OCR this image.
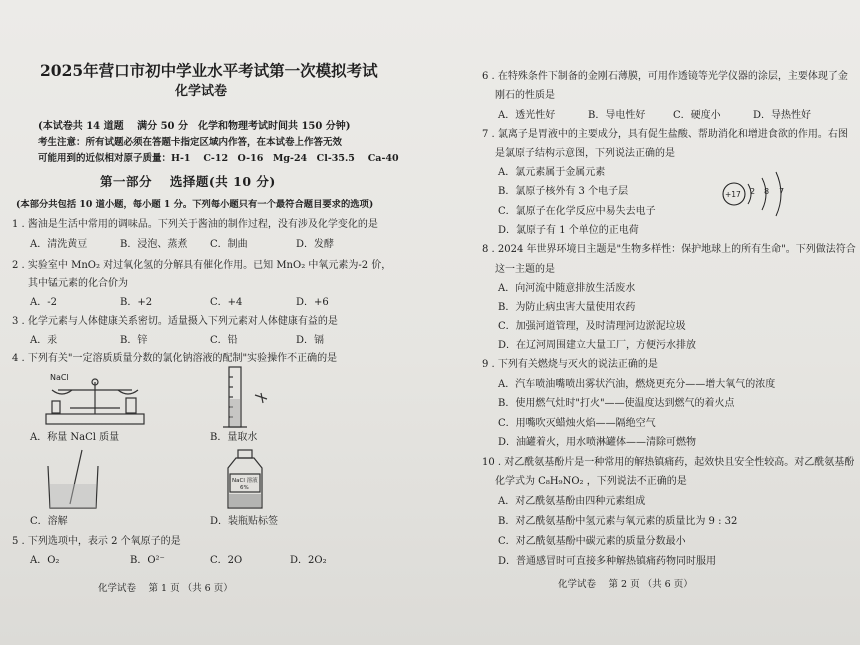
2025年营口市初中学业水平考试第一次模拟考试
化学试卷
(本试卷共 14 道题　 满分 50 分　化学和物理考试时间共 150 分钟)
考生注意：所有试题必须在答题卡指定区域内作答，在本试卷上作答无效
可能用到的近似相对原子质量：H-1　 C-12　O-16　Mg-24　Cl-35.5　 Ca-40
第一部分　 选择题(共 10 分)
(本部分共包括 10 道小题，每小题 1 分。下列每小题只有一个最符合题目要求的选项)
1 . 酱油是生活中常用的调味品。下列关于酱油的制作过程，没有涉及化学变化的是
A．清洗黄豆	B．浸泡、蒸煮 C．制曲	D．发酵
2 . 实验室中 MnO₂ 对过氧化氢的分解具有催化作用。已知 MnO₂ 中氧元素为-2 价，
其中锰元素的化合价为
A．-2	B．+2	C．+4	D．+6
3 . 化学元素与人体健康关系密切。适量摄入下列元素对人体健康有益的是
A．汞	B．锌	C．铅	D．镉
4 . 下列有关"一定溶质质量分数的氯化钠溶液的配制"实验操作不正确的是
NaCl
A．称量 NaCl 质量	B．量取水
NaCl 溶液
6%
C．溶解	D．装瓶贴标签
5 . 下列选项中，表示 2 个氧原子的是
A．O₂	B．O²⁻	C．2O	D．2O₂
化学试卷　 第 1 页 （共 6 页）
6 . 在特殊条件下制备的金刚石薄膜，可用作透镜等光学仪器的涂层，主要体现了金
刚石的性质是
A．透光性好	B．导电性好	C．硬度小	D．导热性好
7 . 氯离子是胃液中的主要成分，具有促生盐酸、帮助消化和增进食欲的作用。右图
是氯原子结构示意图，下列说法正确的是
A．氯元素属于金属元素
B．氯原子核外有 3 个电子层
C．氯原子在化学反应中易失去电子
D．氯原子有 1 个单位的正电荷
+17 2 8 7
8 . 2024 年世界环境日主题是"生物多样性：保护地球上的所有生命"。下列做法符合
这一主题的是
A．向河流中随意排放生活废水
B．为防止病虫害大量使用农药
C．加强河道管理，及时清理河边淤泥垃圾
D．在辽河周围建立大量工厂，方便污水排放
9 . 下列有关燃烧与灭火的说法正确的是
A．汽车喷油嘴喷出雾状汽油，燃烧更充分——增大氧气的浓度
B．使用燃气灶时"打火"——使温度达到燃气的着火点
C．用嘴吹灭蜡烛火焰——隔绝空气
D．油罐着火，用水喷淋罐体——清除可燃物
10 . 对乙酰氨基酚片是一种常用的解热镇痛药，起效快且安全性较高。对乙酰氨基酚
化学式为 C₈H₉NO₂ ，下列说法不正确的是
A．对乙酰氨基酚由四种元素组成
B．对乙酰氨基酚中氢元素与氧元素的质量比为 9 : 32
C．对乙酰氨基酚中碳元素的质量分数最小
D．普通感冒时可直接多种解热镇痛药物同时服用
化学试卷　 第 2 页 （共 6 页）
